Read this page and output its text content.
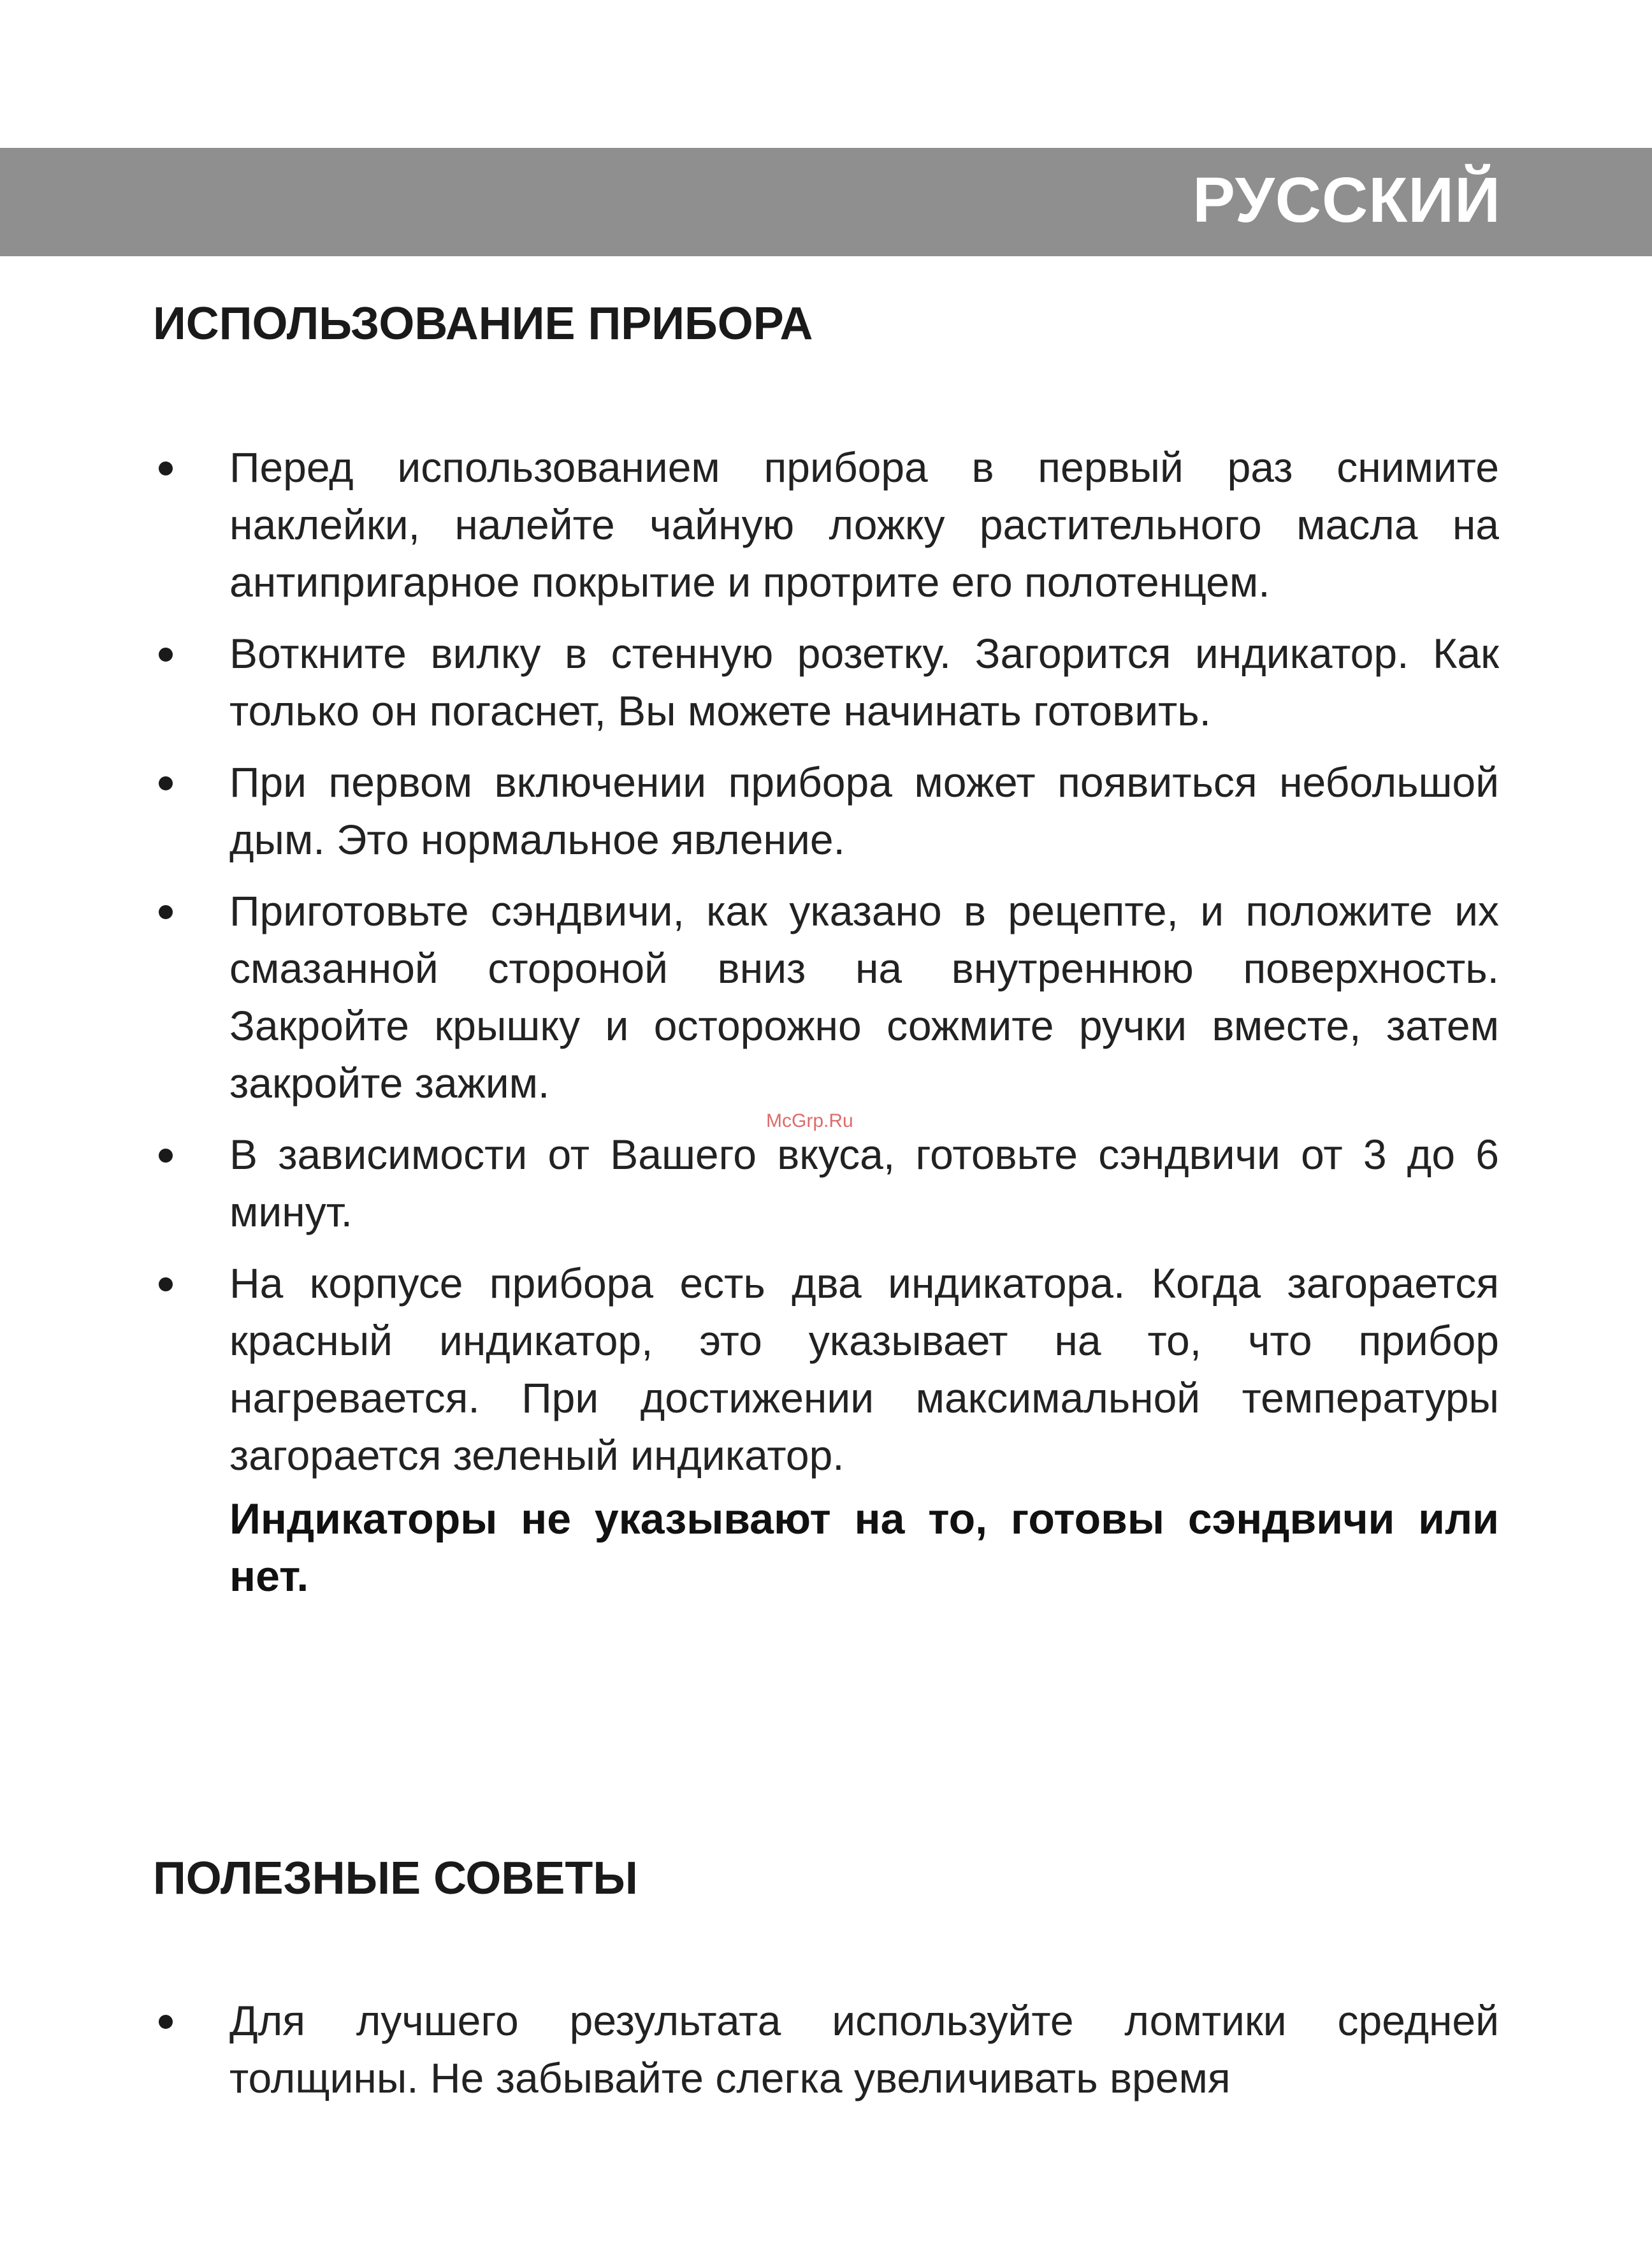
РУССКИЙ
ИСПОЛЬЗОВАНИЕ ПРИБОРА
Перед использованием прибора в первый раз снимите наклейки, налейте чайную ложку растительного масла на антипригарное покрытие и протрите его полотенцем.
Воткните вилку в стенную розетку. Загорится индикатор. Как только он погаснет, Вы можете начинать готовить.
При первом включении прибора может появиться небольшой дым. Это нормальное явление.
Приготовьте сэндвичи, как указано в рецепте, и положите их смазанной стороной вниз на внутреннюю поверхность. Закройте крышку и осторожно сожмите ручки вместе, затем закройте зажим.
В зависимости от Вашего вкуса, готовьте сэндвичи от 3 до 6 минут.
На корпусе прибора есть два индикатора. Когда загорается красный индикатор, это указывает на то, что прибор нагревается. При достижении максимальной температуры загорается зеленый индикатор.

Индикаторы не указывают на то, готовы сэндвичи или нет.

ПОЛЕЗНЫЕ СОВЕТЫ
Для лучшего результата используйте ломтики средней толщины. Не забывайте слегка увеличивать время
McGrp.Ru
